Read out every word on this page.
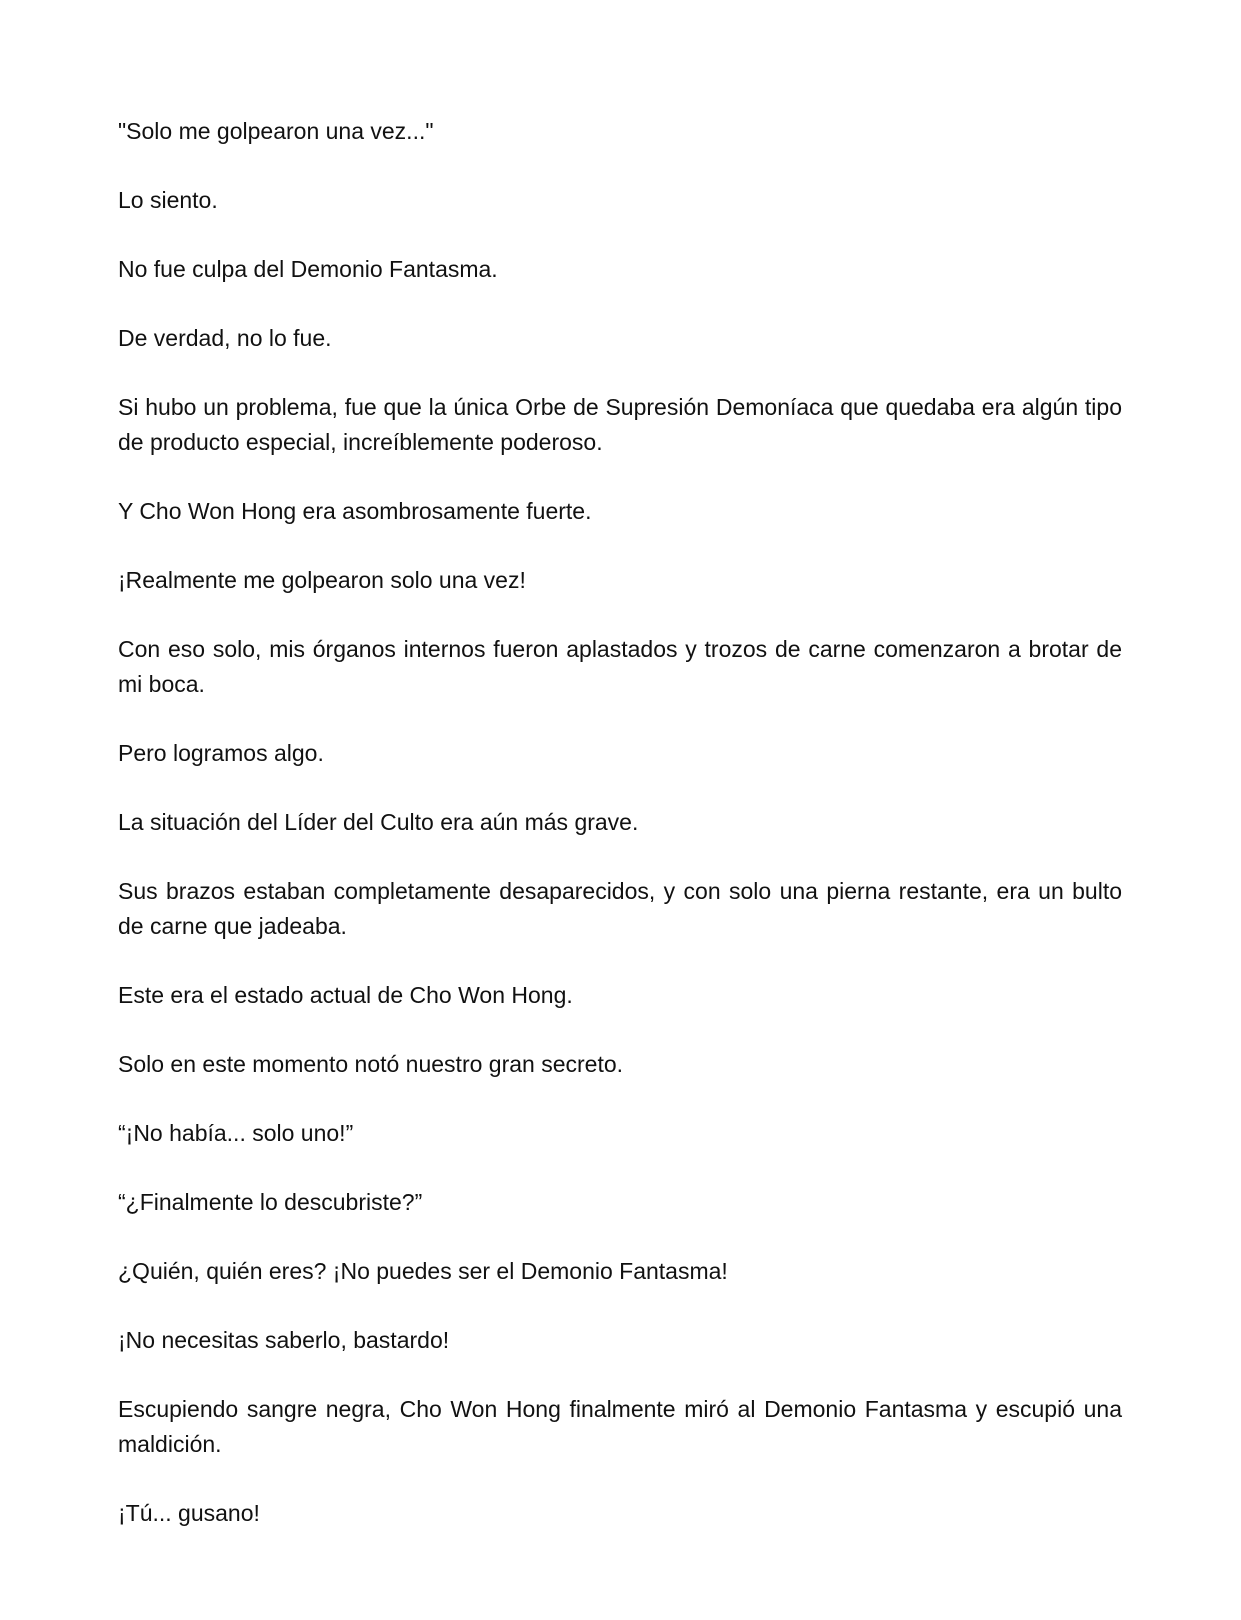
"Solo me golpearon una vez..."

Lo siento.

No fue culpa del Demonio Fantasma.

De verdad, no lo fue.

Si hubo un problema, fue que la única Orbe de Supresión Demoníaca que quedaba era algún tipo de producto especial, increíblemente poderoso.

Y Cho Won Hong era asombrosamente fuerte.

¡Realmente me golpearon solo una vez!

Con eso solo, mis órganos internos fueron aplastados y trozos de carne comenzaron a brotar de mi boca.

Pero logramos algo.

La situación del Líder del Culto era aún más grave.

Sus brazos estaban completamente desaparecidos, y con solo una pierna restante, era un bulto de carne que jadeaba.

Este era el estado actual de Cho Won Hong.

Solo en este momento notó nuestro gran secreto.

“¡No había... solo uno!”

“¿Finalmente lo descubriste?”

¿Quién, quién eres? ¡No puedes ser el Demonio Fantasma!

¡No necesitas saberlo, bastardo!

Escupiendo sangre negra, Cho Won Hong finalmente miró al Demonio Fantasma y escupió una maldición.

¡Tú... gusano!
